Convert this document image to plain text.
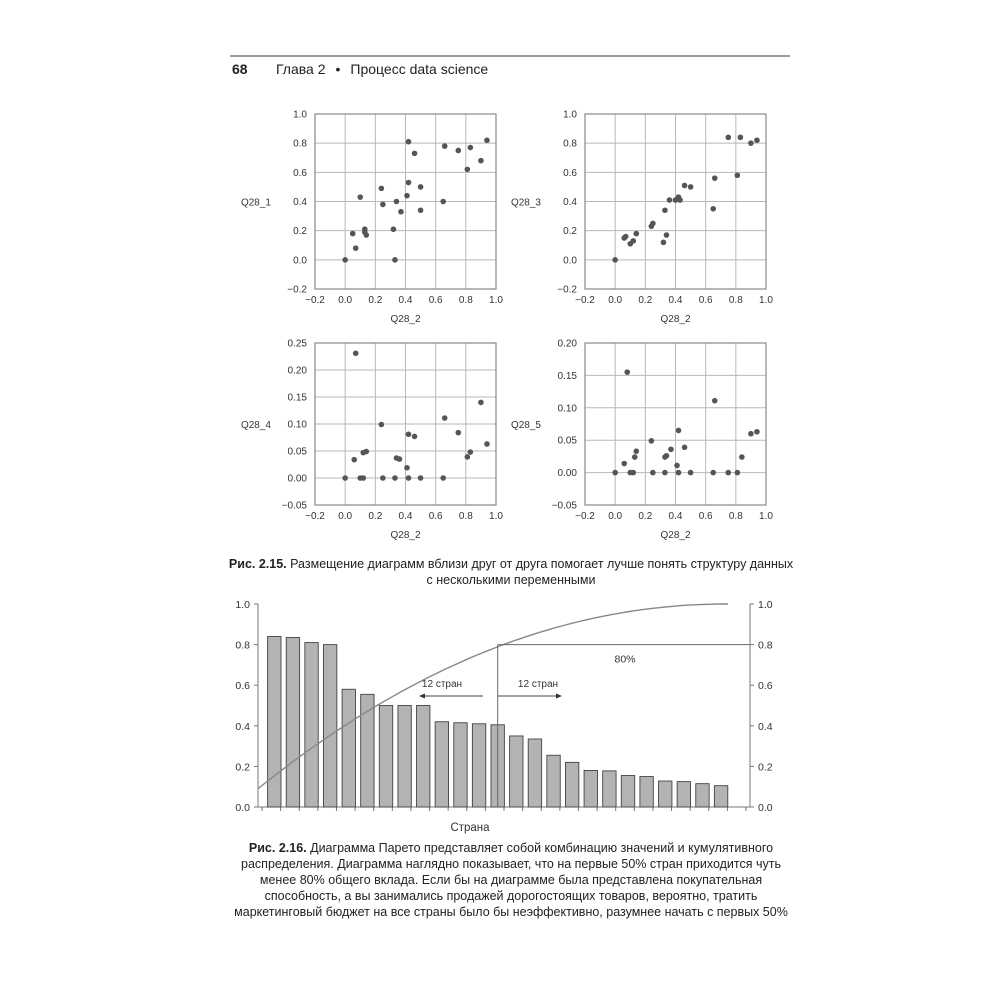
68	Глава 2 • Процесс data science
−0.2 0.0 0.2 0.4 0.6 0.8 1.0
−0.2
0.0
0.2
0.4
0.6
0.8
1.0
Q28_2
Q28_1
−0.2 0.0 0.2 0.4 0.6 0.8 1.0
−0.2
0.0
0.2
0.4
0.6
0.8
1.0
Q28_2
Q28_3
−0.2 0.0 0.2 0.4 0.6 0.8 1.0
−0.05
0.00
0.05
0.10
0.15
0.20
0.25
Q28_2
Q28_4
−0.2 0.0 0.2 0.4 0.6 0.8 1.0
−0.05
0.00
0.05
0.10
0.15
0.20
Q28_2
Q28_5
Рис. 2.15. Размещение диаграмм вблизи друг от друга помогает лучше понять структуру данных с несколькими переменными
0.0	0.0
0.2	0.2
0.4	0.4
0.6	0.6
0.8	0.8
1.0	1.0
80%
12 стран	12 стран
Страна
Рис. 2.16. Диаграмма Парето представляет собой комбинацию значений и кумулятивного распределения. Диаграмма наглядно показывает, что на первые 50% стран приходится чуть менее 80% общего вклада. Если бы на диаграмме была представлена покупательная способность, а вы занимались продажей дорогостоящих товаров, вероятно, тратить маркетинговый бюджет на все страны было бы неэффективно, разумнее начать с первых 50%
